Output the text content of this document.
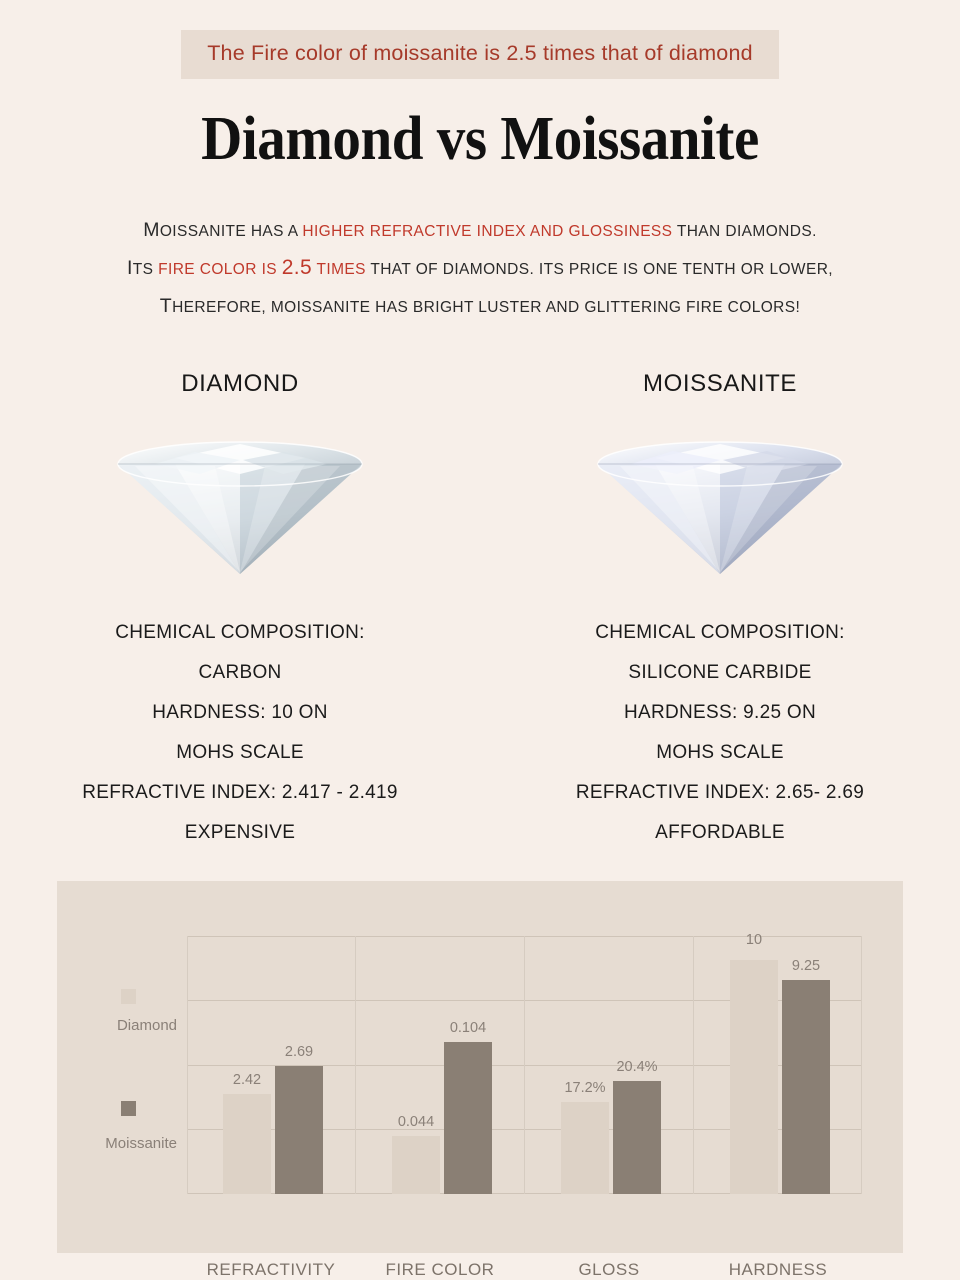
The Fire color of moissanite is 2.5 times that of diamond
Diamond vs Moissanite
MOISSANITE HAS A HIGHER REFRACTIVE INDEX AND GLOSSINESS THAN DIAMONDS.
ITS FIRE COLOR IS 2.5 TIMES THAT OF DIAMONDS. ITS PRICE IS ONE TENTH OR LOWER,
THEREFORE, MOISSANITE HAS BRIGHT LUSTER AND GLITTERING FIRE COLORS!
DIAMOND
CHEMICAL COMPOSITION:
CARBON
HARDNESS: 10 ON
MOHS SCALE
REFRACTIVE INDEX: 2.417 - 2.419
EXPENSIVE
MOISSANITE
CHEMICAL COMPOSITION:
SILICONE CARBIDE
HARDNESS: 9.25 ON
MOHS SCALE
REFRACTIVE INDEX: 2.65- 2.69
AFFORDABLE
Diamond
Moissanite
2.42
2.69
0.044
0.104
17.2%
20.4%
10
9.25
REFRACTIVITY	FIRE COLOR	GLOSS	HARDNESS
